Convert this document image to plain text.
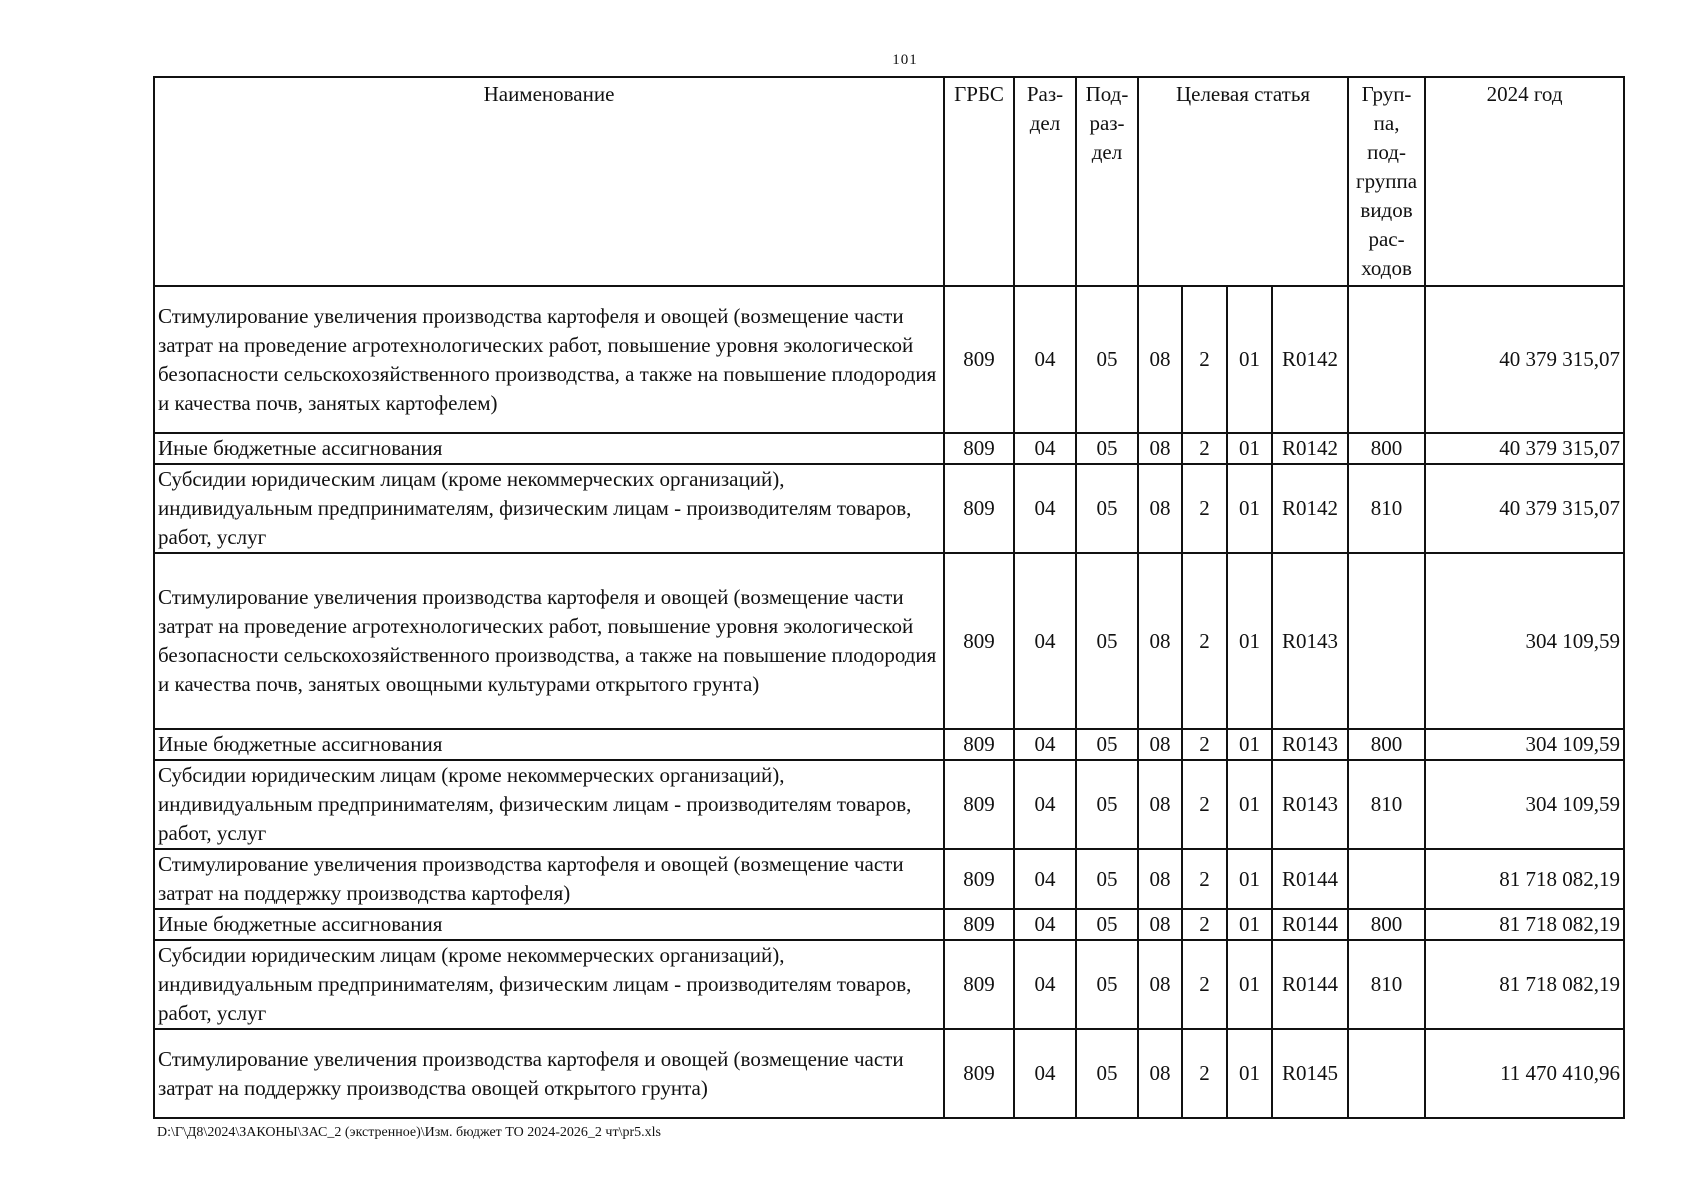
101
Наименование	ГРБС	Раз- дел	Под- раз- дел	Целевая статья				Груп- па, под- группа видов рас- ходов	2024 год
Стимулирование увеличения производства картофеля и овощей (возмещение части затрат на проведение агротехнологических работ, повышение уровня экологической безопасности сельскохозяйственного производства, а также на повышение плодородия и качества почв, занятых картофелем)	809	04	05	08	2	01	R0142		40 379 315,07
Иные бюджетные ассигнования	809	04	05	08	2	01	R0142	800	40 379 315,07
Субсидии юридическим лицам (кроме некоммерческих организаций), индивидуальным предпринимателям, физическим лицам - производителям товаров, работ, услуг	809	04	05	08	2	01	R0142	810	40 379 315,07
Стимулирование увеличения производства картофеля и овощей (возмещение части затрат на проведение агротехнологических работ, повышение уровня экологической безопасности сельскохозяйственного производства, а также на повышение плодородия и качества почв, занятых овощными культурами открытого грунта)	809	04	05	08	2	01	R0143		304 109,59
Иные бюджетные ассигнования	809	04	05	08	2	01	R0143	800	304 109,59
Субсидии юридическим лицам (кроме некоммерческих организаций), индивидуальным предпринимателям, физическим лицам - производителям товаров, работ, услуг	809	04	05	08	2	01	R0143	810	304 109,59
Стимулирование увеличения производства картофеля и овощей (возмещение части затрат на поддержку производства картофеля)	809	04	05	08	2	01	R0144		81 718 082,19
Иные бюджетные ассигнования	809	04	05	08	2	01	R0144	800	81 718 082,19
Субсидии юридическим лицам (кроме некоммерческих организаций), индивидуальным предпринимателям, физическим лицам - производителям товаров, работ, услуг	809	04	05	08	2	01	R0144	810	81 718 082,19
Стимулирование увеличения производства картофеля и овощей (возмещение части затрат на поддержку производства овощей открытого грунта)	809	04	05	08	2	01	R0145		11 470 410,96
D:\Г\Д8\2024\ЗАКОНЫ\ЗАС_2 (экстренное)\Изм. бюджет ТО 2024-2026_2 чт\pr5.xls
